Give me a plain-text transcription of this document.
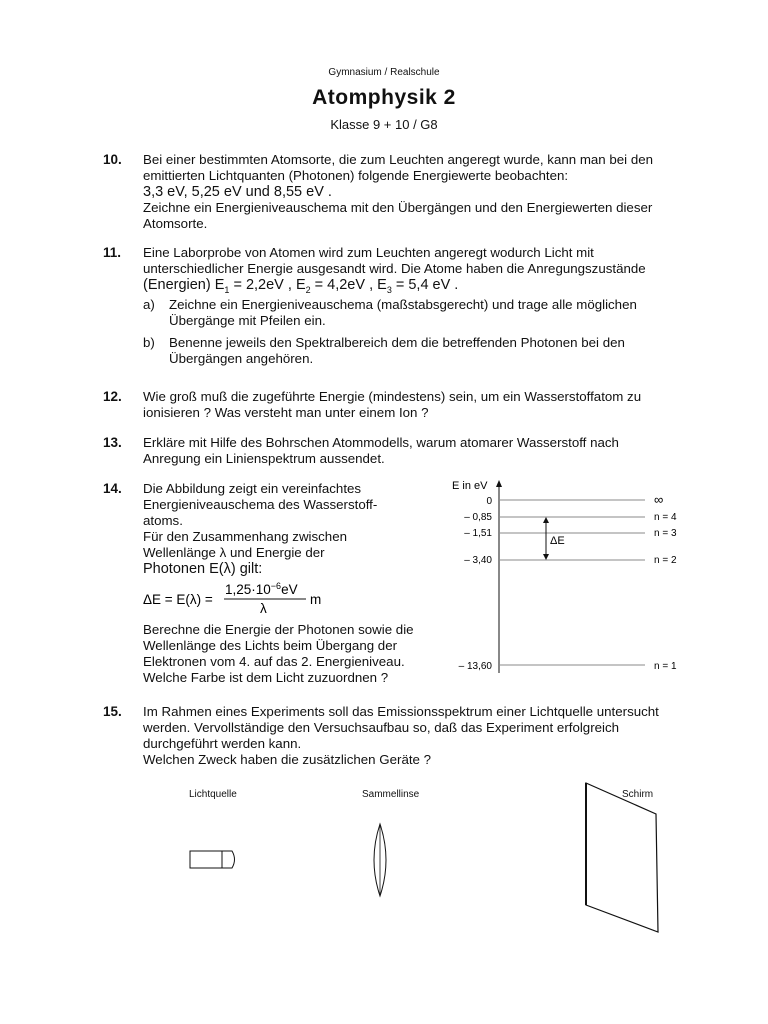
Gymnasium / Realschule
Atomphysik 2
Klasse 9 + 10 / G8
10. Bei einer bestimmten Atomsorte, die zum Leuchten angeregt wurde, kann man bei den

emittierten Lichtquanten (Photonen) folgende Energiewerte beobachten:

3,3 eV, 5,25 eV und 8,55 eV .

Zeichne ein Energieniveauschema mit den Übergängen und den Energiewerten dieser

Atomsorte.

11. Eine Laborprobe von Atomen wird zum Leuchten angeregt wodurch Licht mit

unterschiedlicher Energie ausgesandt wird. Die Atome haben die Anregungszustände

(Energien) $E_1 = 2,2eV$ , $E_2 = 4,2eV$ , $E_3 = 5,4$ eV .

a) Zeichne ein Energieniveauschema (maßstabsgerecht) und trage alle möglichen
Übergänge mit Pfeilen ein.
b) Benenne jeweils den Spektralbereich dem die betreffenden Photonen bei den
Übergängen angehören.
12. Wie groß muß die zugeführte Energie (mindestens) sein, um ein Wasserstoffatom zu

ionisieren ? Was versteht man unter einem Ion ?

13. Erkläre mit Hilfe des Bohrschen Atommodells, warum atomarer Wasserstoff nach

Anregung ein Linienspektrum aussendet.

14. Die Abbildung zeigt ein vereinfachtes

Energieniveauschema des Wasserstoff-

atoms.

Für den Zusammenhang zwischen

Wellenlänge λ und Energie der

Photonen E(λ) gilt:

ΔE = E(λ) =
$1,25\cdot 10^{-6}eV$
λ
m

Berechne die Energie der Photonen sowie die

Wellenlänge des Lichts beim Übergang der

Elektronen vom 4. auf das 2. Energieniveau.

Welche Farbe ist dem Licht zuzuordnen ?

E in eV
0	∞
– 0,85	n = 4
– 1,51	n = 3
– 3,40	n = 2
– 13,60	n = 1
ΔE
15. Im Rahmen eines Experiments soll das Emissionsspektrum einer Lichtquelle untersucht

werden. Vervollständige den Versuchsaufbau so, daß das Experiment erfolgreich

durchgeführt werden kann.

Welchen Zweck haben die zusätzlichen Geräte ?

Lichtquelle	Sammellinse	Schirm
